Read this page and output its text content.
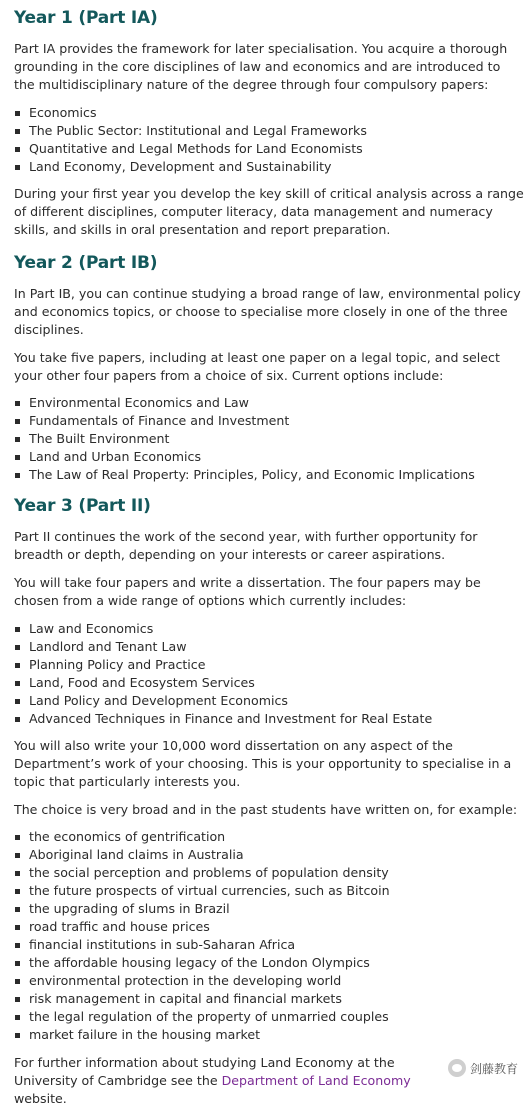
Year 1 (Part IA)

Part IA provides the framework for later specialisation. You acquire a thorough grounding in the core disciplines of law and economics and are introduced to the multidisciplinary nature of the degree through four compulsory papers:

Economics
The Public Sector: Institutional and Legal Frameworks
Quantitative and Legal Methods for Land Economists
Land Economy, Development and Sustainability

During your first year you develop the key skill of critical analysis across a range of different disciplines, computer literacy, data management and numeracy skills, and skills in oral presentation and report preparation.

Year 2 (Part IB)

In Part IB, you can continue studying a broad range of law, environmental policy and economics topics, or choose to specialise more closely in one of the three disciplines.

You take five papers, including at least one paper on a legal topic, and select your other four papers from a choice of six. Current options include:

Environmental Economics and Law
Fundamentals of Finance and Investment
The Built Environment
Land and Urban Economics
The Law of Real Property: Principles, Policy, and Economic Implications
Year 3 (Part II)

Part II continues the work of the second year, with further opportunity for breadth or depth, depending on your interests or career aspirations.

You will take four papers and write a dissertation. The four papers may be chosen from a wide range of options which currently includes:

Law and Economics
Landlord and Tenant Law
Planning Policy and Practice
Land, Food and Ecosystem Services
Land Policy and Development Economics
Advanced Techniques in Finance and Investment for Real Estate

You will also write your 10,000 word dissertation on any aspect of the Department’s work of your choosing. This is your opportunity to specialise in a topic that particularly interests you.

The choice is very broad and in the past students have written on, for example:

the economics of gentrification
Aboriginal land claims in Australia
the social perception and problems of population density
the future prospects of virtual currencies, such as Bitcoin
the upgrading of slums in Brazil
road traffic and house prices
financial institutions in sub-Saharan Africa
the affordable housing legacy of the London Olympics
environmental protection in the developing world
risk management in capital and financial markets
the legal regulation of the property of unmarried couples
market failure in the housing market

For further information about studying Land Economy at the University of Cambridge see the Department of Land Economy website.

剑藤教育
